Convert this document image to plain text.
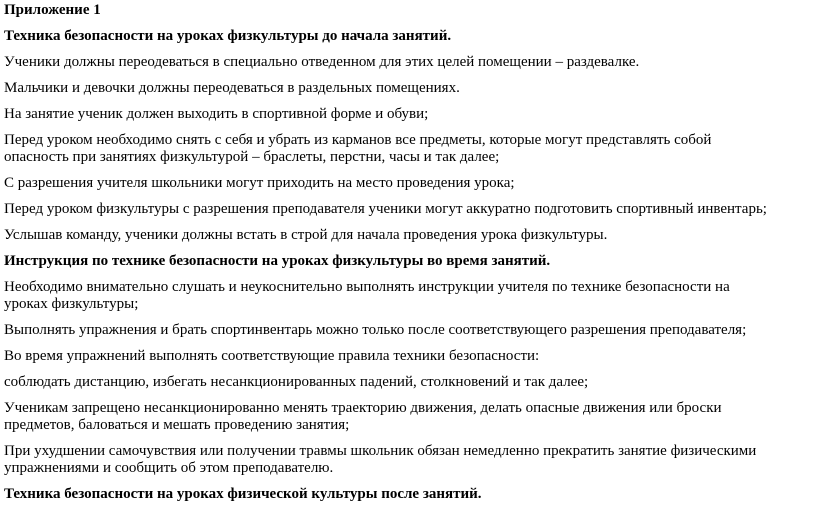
Приложение 1

Техника безопасности на уроках физкультуры до начала занятий.

Ученики должны переодеваться в специально отведенном для этих целей помещении – раздевалке.

Мальчики и девочки должны переодеваться в раздельных помещениях.

На занятие ученик должен выходить в спортивной форме и обуви;

Перед уроком необходимо снять с себя и убрать из карманов все предметы, которые могут представлять собой

опасность при занятиях физкультурой – браслеты, перстни, часы и так далее;

С разрешения учителя школьники могут приходить на место проведения урока;

Перед уроком физкультуры с разрешения преподавателя ученики могут аккуратно подготовить спортивный инвентарь;

Услышав команду, ученики должны встать в строй для начала проведения урока физкультуры.

Инструкция по технике безопасности на уроках физкультуры во время занятий.

Необходимо внимательно слушать и неукоснительно выполнять инструкции учителя по технике безопасности на

уроках физкультуры;

Выполнять упражнения и брать спортинвентарь можно только после соответствующего разрешения преподавателя;

Во время упражнений выполнять соответствующие правила техники безопасности:

соблюдать дистанцию, избегать несанкционированных падений, столкновений и так далее;

Ученикам запрещено несанкционированно менять траекторию движения, делать опасные движения или броски

предметов, баловаться и мешать проведению занятия;

При ухудшении самочувствия или получении травмы школьник обязан немедленно прекратить занятие физическими

упражнениями и сообщить об этом преподавателю.

Техника безопасности на уроках физической культуры после занятий.
